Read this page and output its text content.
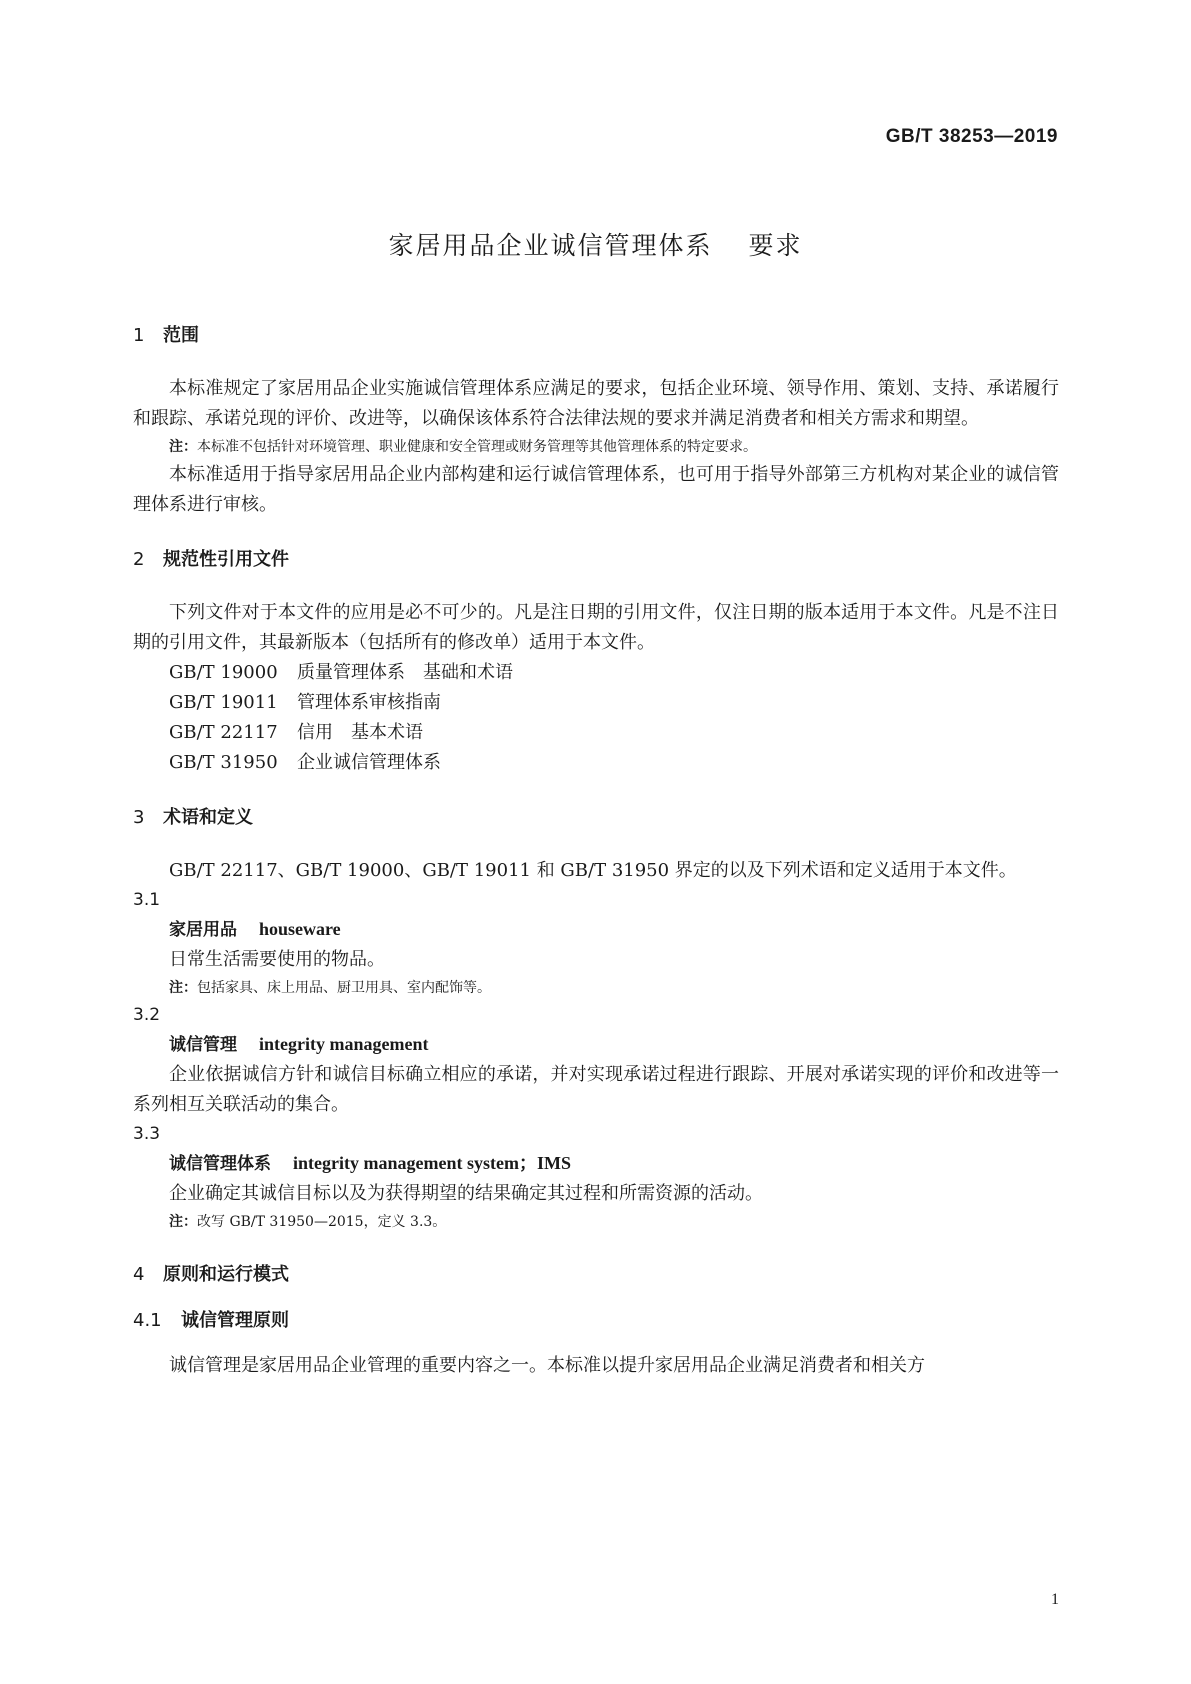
GB/T 38253—2019
家居用品企业诚信管理体系 要求
1 范围

本标准规定了家居用品企业实施诚信管理体系应满足的要求，包括企业环境、领导作用、策划、支持、承诺履行和跟踪、承诺兑现的评价、改进等，以确保该体系符合法律法规的要求并满足消费者和相关方需求和期望。

注：本标准不包括针对环境管理、职业健康和安全管理或财务管理等其他管理体系的特定要求。

本标准适用于指导家居用品企业内部构建和运行诚信管理体系，也可用于指导外部第三方机构对某企业的诚信管理体系进行审核。

2 规范性引用文件

下列文件对于本文件的应用是必不可少的。凡是注日期的引用文件，仅注日期的版本适用于本文件。凡是不注日期的引用文件，其最新版本（包括所有的修改单）适用于本文件。

GB/T 19000 质量管理体系 基础和术语

GB/T 19011 管理体系审核指南

GB/T 22117 信用 基本术语

GB/T 31950 企业诚信管理体系

3 术语和定义

GB/T 22117、GB/T 19000、GB/T 19011 和 GB/T 31950 界定的以及下列术语和定义适用于本文件。

3.1

家居用品 houseware

日常生活需要使用的物品。

注：包括家具、床上用品、厨卫用具、室内配饰等。

3.2

诚信管理 integrity management

企业依据诚信方针和诚信目标确立相应的承诺，并对实现承诺过程进行跟踪、开展对承诺实现的评价和改进等一系列相互关联活动的集合。

3.3

诚信管理体系 integrity management system；IMS

企业确定其诚信目标以及为获得期望的结果确定其过程和所需资源的活动。

注：改写 GB/T 31950—2015，定义 3.3。

4 原则和运行模式
4.1 诚信管理原则

诚信管理是家居用品企业管理的重要内容之一。本标准以提升家居用品企业满足消费者和相关方

1
